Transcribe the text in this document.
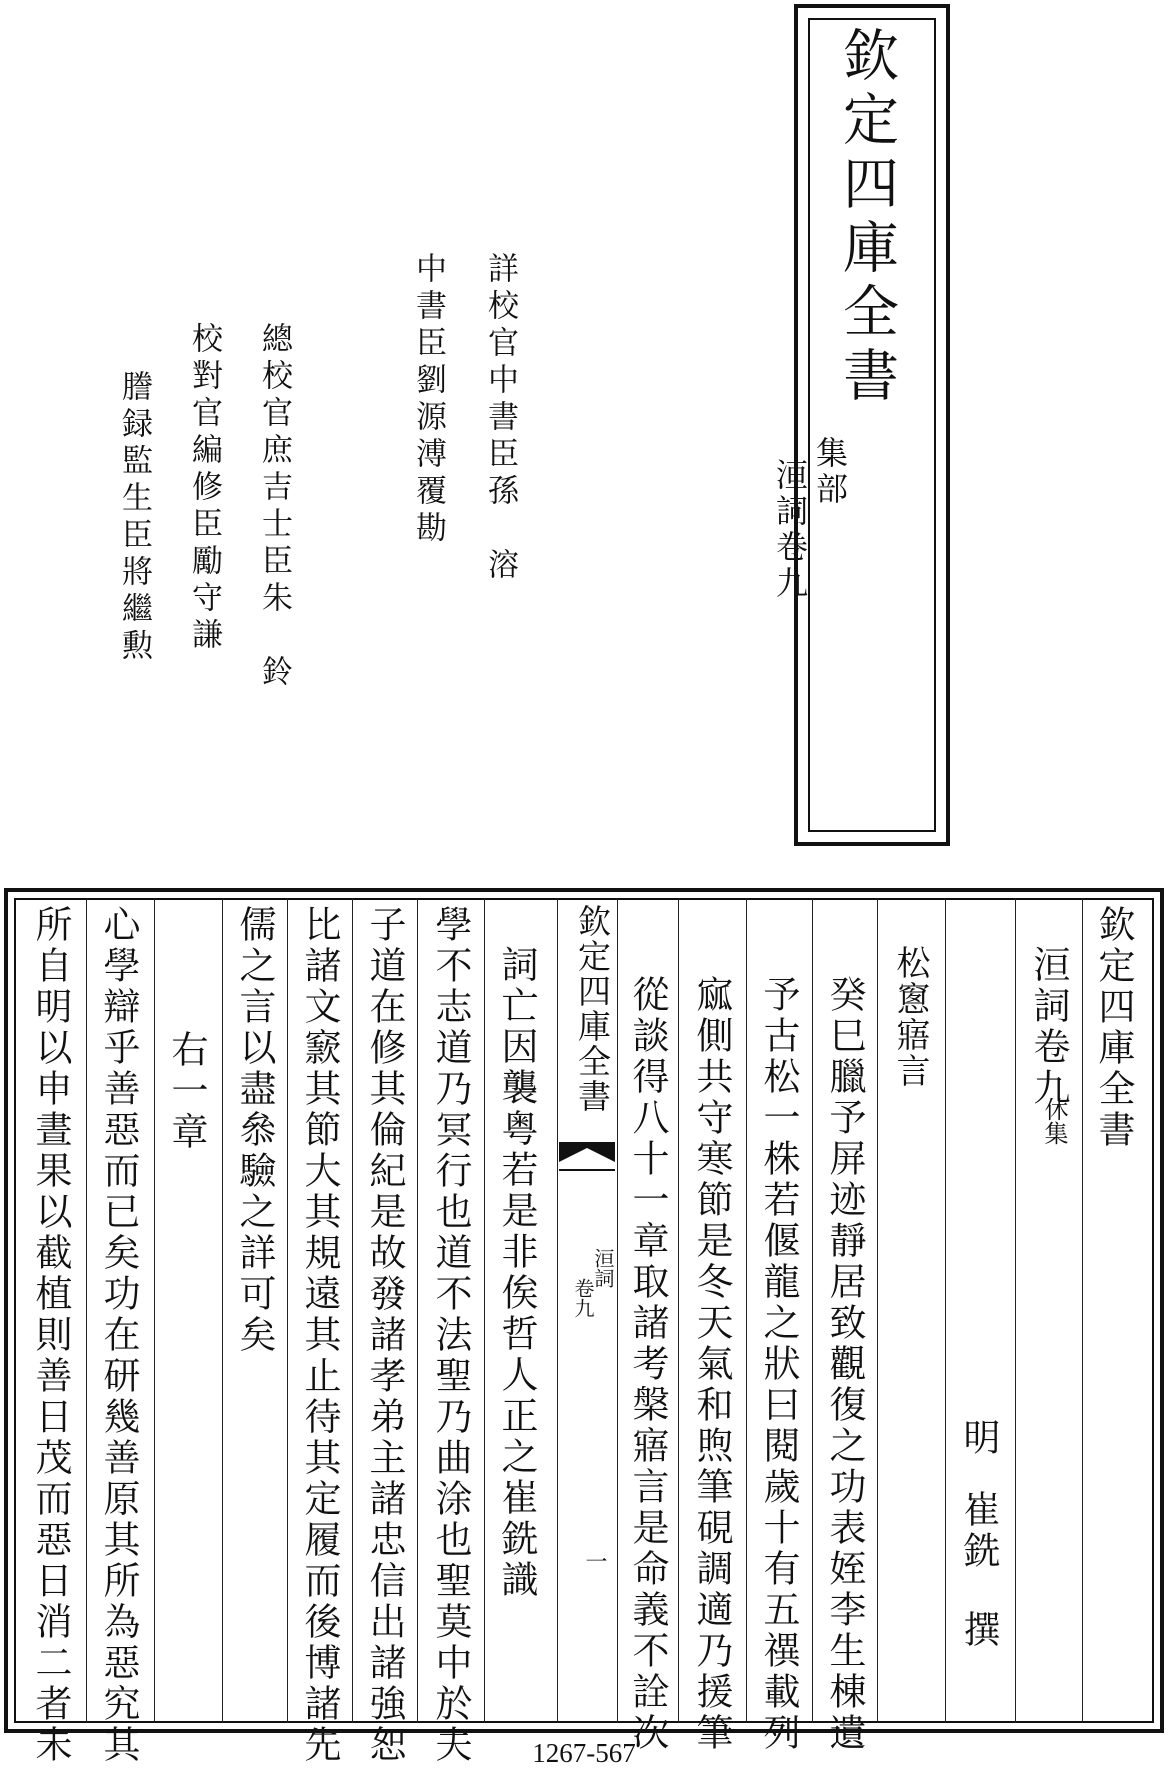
欽定四庫全書
集部
洹詞卷九
詳校官中書臣孫　溶
中書臣劉源溥覆勘
總校官庶吉士臣朱　鈴
校對官編修臣勵守謙
謄録監生臣將繼勲
欽定四庫全書
洹詞卷九
休集
明
崔銑
撰
松窻寤言
癸巳臘予屏迹靜居致觀復之功表姪李生棟遺
予古松一株若偃龍之狀曰閱歲十有五禩載列
寙側共守寒節是冬天氣和煦筆硯調適乃援筆
從談得八十一章取諸考槃寤言是命義不詮次
欽定四庫全書
洹詞
卷九
一
詞亡因襲粤若是非俟哲人正之崔銑識
學不志道乃冥行也道不法聖乃曲涂也聖莫中於夫
子道在修其倫紀是故發諸孝弟主諸忠信出諸強恕
比諸文窾其節大其規遠其止待其定履而後博諸先
儒之言以盡叅驗之詳可矣
右一章
心學辯乎善惡而已矣功在研幾善原其所為惡究其
所自明以申晝果以截植則善日茂而惡日消二者未	1267-567
